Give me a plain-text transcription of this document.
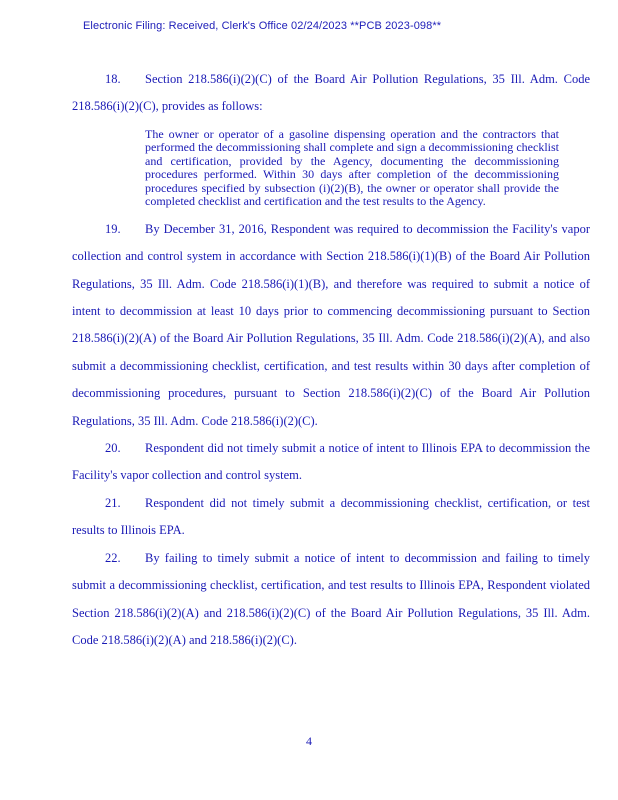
Electronic Filing: Received, Clerk's Office 02/24/2023 **PCB 2023-098**

18. Section 218.586(i)(2)(C) of the Board Air Pollution Regulations, 35 Ill. Adm. Code 218.586(i)(2)(C), provides as follows:

The owner or operator of a gasoline dispensing operation and the contractors that performed the decommissioning shall complete and sign a decommissioning checklist and certification, provided by the Agency, documenting the decommissioning procedures performed. Within 30 days after completion of the decommissioning procedures specified by subsection (i)(2)(B), the owner or operator shall provide the completed checklist and certification and the test results to the Agency.

19. By December 31, 2016, Respondent was required to decommission the Facility's vapor collection and control system in accordance with Section 218.586(i)(1)(B) of the Board Air Pollution Regulations, 35 Ill. Adm. Code 218.586(i)(1)(B), and therefore was required to submit a notice of intent to decommission at least 10 days prior to commencing decommissioning pursuant to Section 218.586(i)(2)(A) of the Board Air Pollution Regulations, 35 Ill. Adm. Code 218.586(i)(2)(A), and also submit a decommissioning checklist, certification, and test results within 30 days after completion of decommissioning procedures, pursuant to Section 218.586(i)(2)(C) of the Board Air Pollution Regulations, 35 Ill. Adm. Code 218.586(i)(2)(C).

20. Respondent did not timely submit a notice of intent to Illinois EPA to decommission the Facility's vapor collection and control system.

21. Respondent did not timely submit a decommissioning checklist, certification, or test results to Illinois EPA.

22. By failing to timely submit a notice of intent to decommission and failing to timely submit a decommissioning checklist, certification, and test results to Illinois EPA, Respondent violated Section 218.586(i)(2)(A) and 218.586(i)(2)(C) of the Board Air Pollution Regulations, 35 Ill. Adm. Code 218.586(i)(2)(A) and 218.586(i)(2)(C).

4
